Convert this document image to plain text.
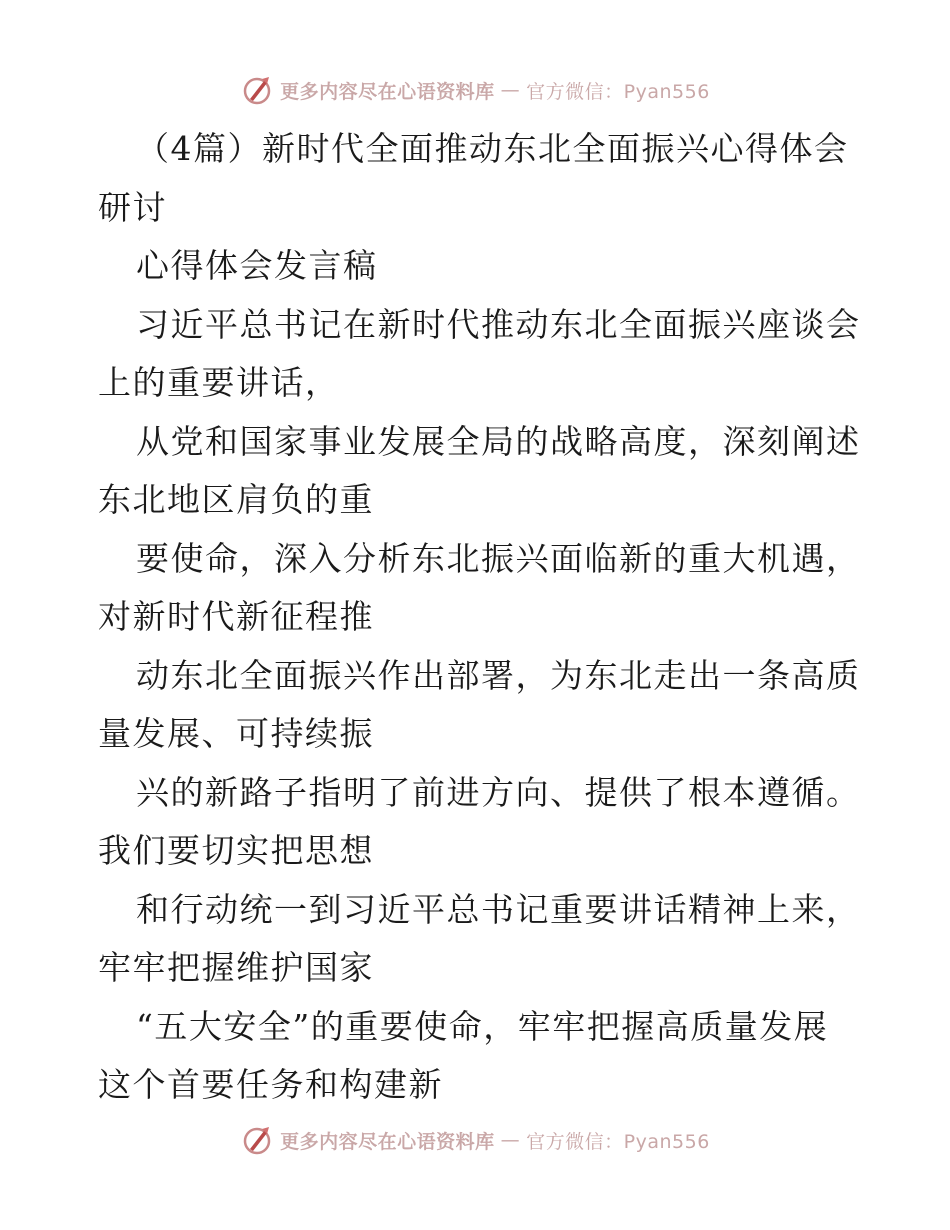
更多内容尽在心语资料库 — 官方微信：Pyan556
（4篇）新时代全面推动东北全面振兴心得体会
研讨
心得体会发言稿
习近平总书记在新时代推动东北全面振兴座谈会
上的重要讲话，
从党和国家事业发展全局的战略高度，深刻阐述
东北地区肩负的重
要使命，深入分析东北振兴面临新的重大机遇，
对新时代新征程推
动东北全面振兴作出部署，为东北走出一条高质
量发展、可持续振
兴的新路子指明了前进方向、提供了根本遵循。
我们要切实把思想
和行动统一到习近平总书记重要讲话精神上来，
牢牢把握维护国家
“五大安全”的重要使命，牢牢把握高质量发展
这个首要任务和构建新
更多内容尽在心语资料库 — 官方微信：Pyan556
